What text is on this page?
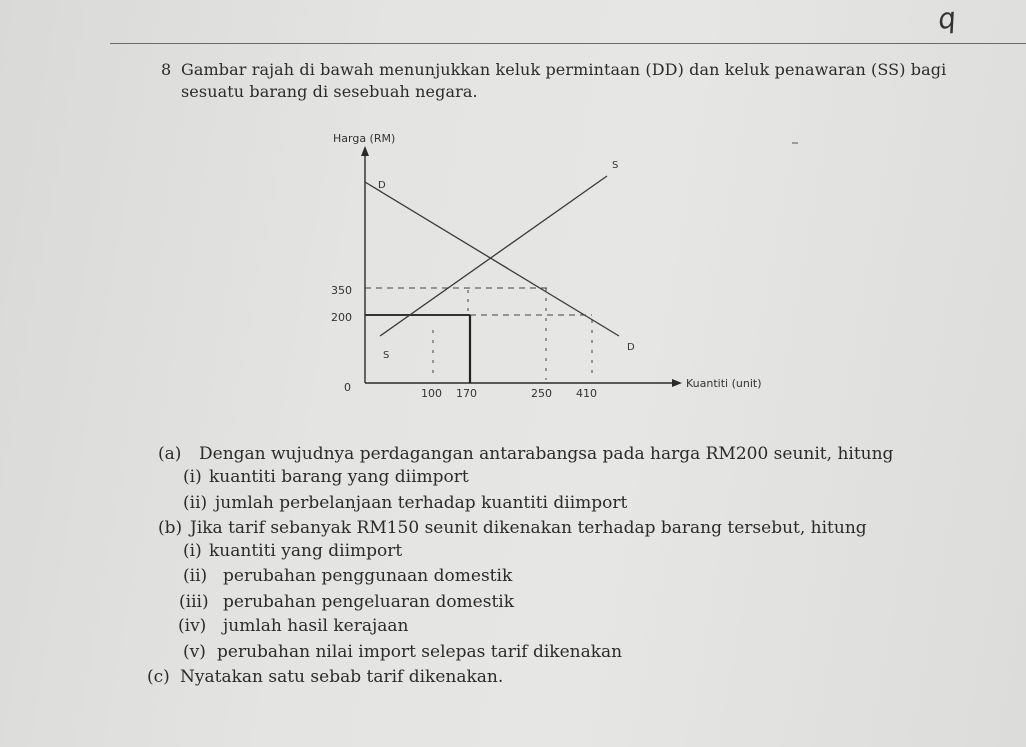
q
8 Gambar rajah di bawah menunjukkan keluk permintaan (DD) dan keluk penawaran (SS) bagi
sesuatu barang di sesebuah negara.
Harga (RM)
Kuantiti (unit)
0	100 170	250 410
350
200
D
D
S
S
(a) Dengan wujudnya perdagangan antarabangsa pada harga RM200 seunit, hitung
(i) kuantiti barang yang diimport
(ii) jumlah perbelanjaan terhadap kuantiti diimport
(b) Jika tarif sebanyak RM150 seunit dikenakan terhadap barang tersebut, hitung
(i) kuantiti yang diimport
(ii) perubahan penggunaan domestik
(iii) perubahan pengeluaran domestik
(iv) jumlah hasil kerajaan
(v) perubahan nilai import selepas tarif dikenakan
(c) Nyatakan satu sebab tarif dikenakan.
